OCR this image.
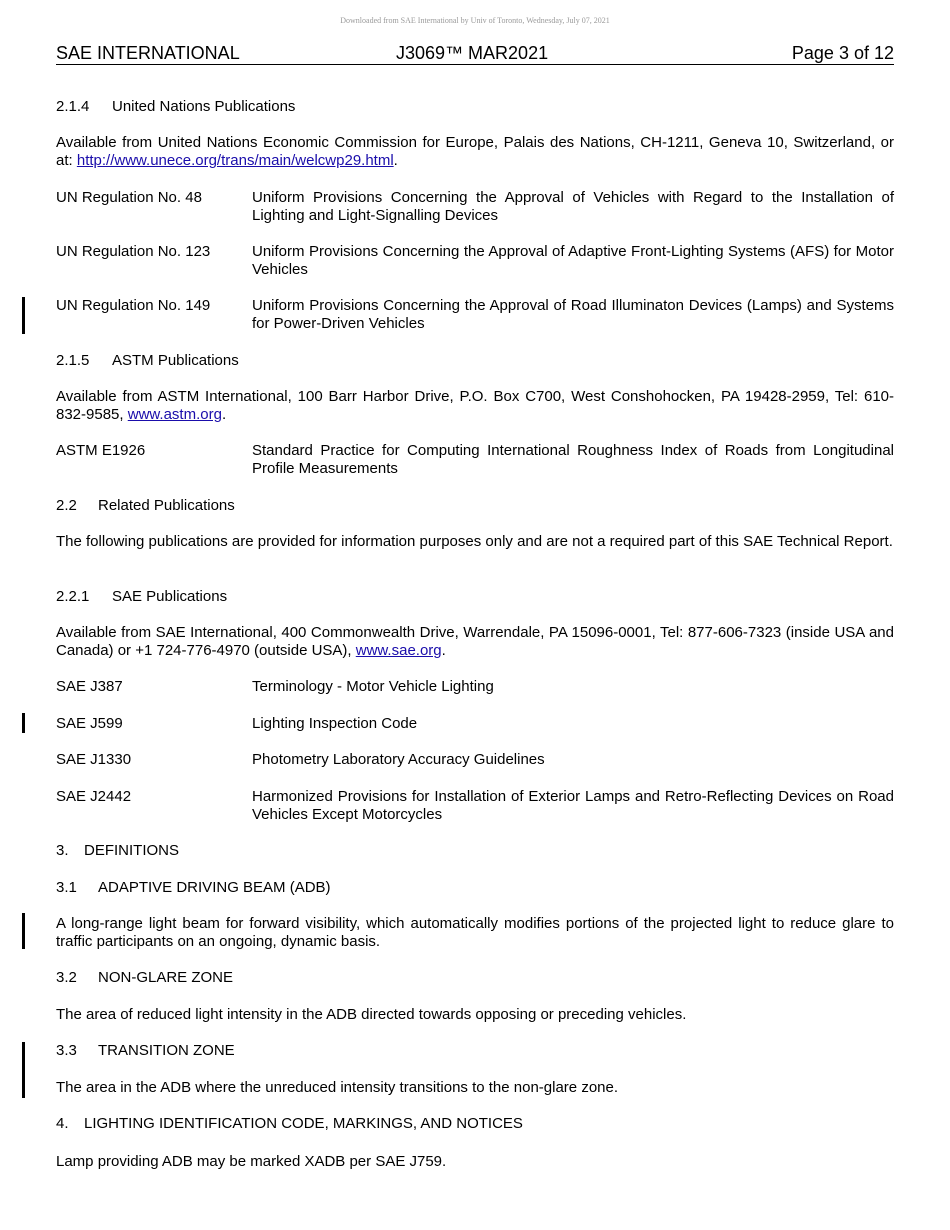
Downloaded from SAE International by Univ of Toronto, Wednesday, July 07, 2021
SAE INTERNATIONAL	J3069™ MAR2021	Page 3 of 12
2.1.4 United Nations Publications
Available from United Nations Economic Commission for Europe, Palais des Nations, CH-1211, Geneva 10, Switzerland, or at: http://www.unece.org/trans/main/welcwp29.html.
UN Regulation No. 48	Uniform Provisions Concerning the Approval of Vehicles with Regard to the Installation of Lighting and Light-Signalling Devices
UN Regulation No. 123	Uniform Provisions Concerning the Approval of Adaptive Front-Lighting Systems (AFS) for Motor Vehicles
UN Regulation No. 149	Uniform Provisions Concerning the Approval of Road Illuminaton Devices (Lamps) and Systems for Power-Driven Vehicles
2.1.5 ASTM Publications
Available from ASTM International, 100 Barr Harbor Drive, P.O. Box C700, West Conshohocken, PA 19428-2959, Tel: 610-832-9585, www.astm.org.
ASTM E1926	Standard Practice for Computing International Roughness Index of Roads from Longitudinal Profile Measurements
2.2 Related Publications
The following publications are provided for information purposes only and are not a required part of this SAE Technical Report.
2.2.1 SAE Publications
Available from SAE International, 400 Commonwealth Drive, Warrendale, PA 15096-0001, Tel: 877-606-7323 (inside USA and Canada) or +1 724-776-4970 (outside USA), www.sae.org.
SAE J387	Terminology - Motor Vehicle Lighting
SAE J599	Lighting Inspection Code
SAE J1330	Photometry Laboratory Accuracy Guidelines
SAE J2442	Harmonized Provisions for Installation of Exterior Lamps and Retro-Reflecting Devices on Road Vehicles Except Motorcycles
3. DEFINITIONS
3.1 ADAPTIVE DRIVING BEAM (ADB)
A long-range light beam for forward visibility, which automatically modifies portions of the projected light to reduce glare to traffic participants on an ongoing, dynamic basis.
3.2 NON-GLARE ZONE
The area of reduced light intensity in the ADB directed towards opposing or preceding vehicles.
3.3 TRANSITION ZONE
The area in the ADB where the unreduced intensity transitions to the non-glare zone.
4. LIGHTING IDENTIFICATION CODE, MARKINGS, AND NOTICES
Lamp providing ADB may be marked XADB per SAE J759.
